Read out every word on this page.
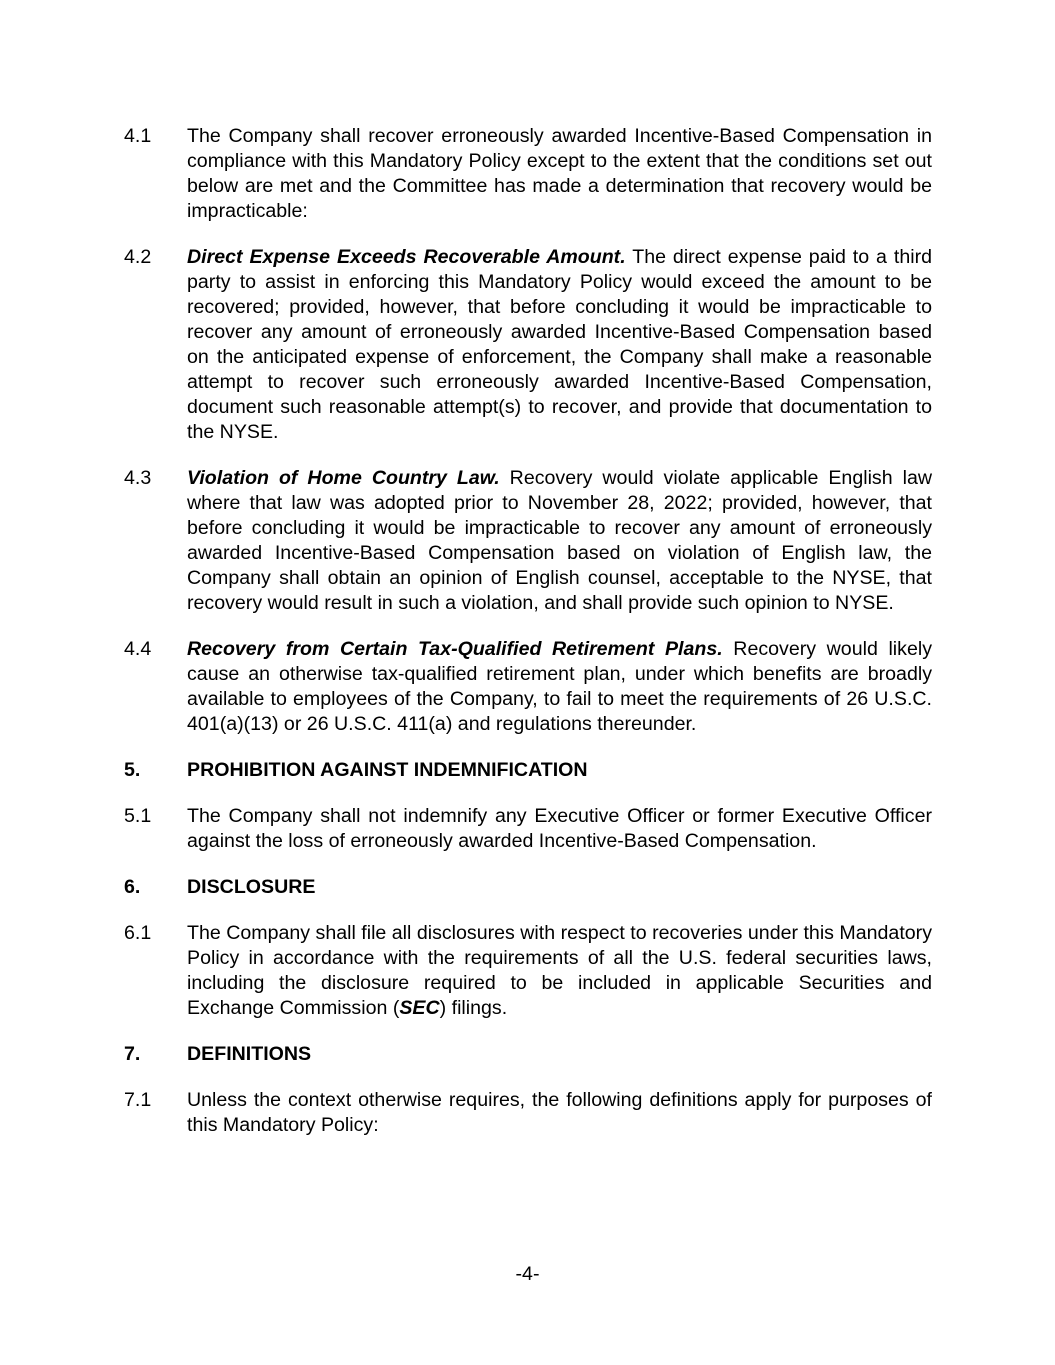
4.1	The Company shall recover erroneously awarded Incentive-Based Compensation in compliance with this Mandatory Policy except to the extent that the conditions set out below are met and the Committee has made a determination that recovery would be impracticable:
4.2	Direct Expense Exceeds Recoverable Amount. The direct expense paid to a third party to assist in enforcing this Mandatory Policy would exceed the amount to be recovered; provided, however, that before concluding it would be impracticable to recover any amount of erroneously awarded Incentive-Based Compensation based on the anticipated expense of enforcement, the Company shall make a reasonable attempt to recover such erroneously awarded Incentive-Based Compensation, document such reasonable attempt(s) to recover, and provide that documentation to the NYSE.
4.3	Violation of Home Country Law. Recovery would violate applicable English law where that law was adopted prior to November 28, 2022; provided, however, that before concluding it would be impracticable to recover any amount of erroneously awarded Incentive-Based Compensation based on violation of English law, the Company shall obtain an opinion of English counsel, acceptable to the NYSE, that recovery would result in such a violation, and shall provide such opinion to NYSE.
4.4	Recovery from Certain Tax-Qualified Retirement Plans. Recovery would likely cause an otherwise tax-qualified retirement plan, under which benefits are broadly available to employees of the Company, to fail to meet the requirements of 26 U.S.C. 401(a)(13) or 26 U.S.C. 411(a) and regulations thereunder.
5.	PROHIBITION AGAINST INDEMNIFICATION
5.1	The Company shall not indemnify any Executive Officer or former Executive Officer against the loss of erroneously awarded Incentive-Based Compensation.
6.	DISCLOSURE
6.1	The Company shall file all disclosures with respect to recoveries under this Mandatory Policy in accordance with the requirements of all the U.S. federal securities laws, including the disclosure required to be included in applicable Securities and Exchange Commission (SEC) filings.
7.	DEFINITIONS
7.1	Unless the context otherwise requires, the following definitions apply for purposes of this Mandatory Policy:
-4-
